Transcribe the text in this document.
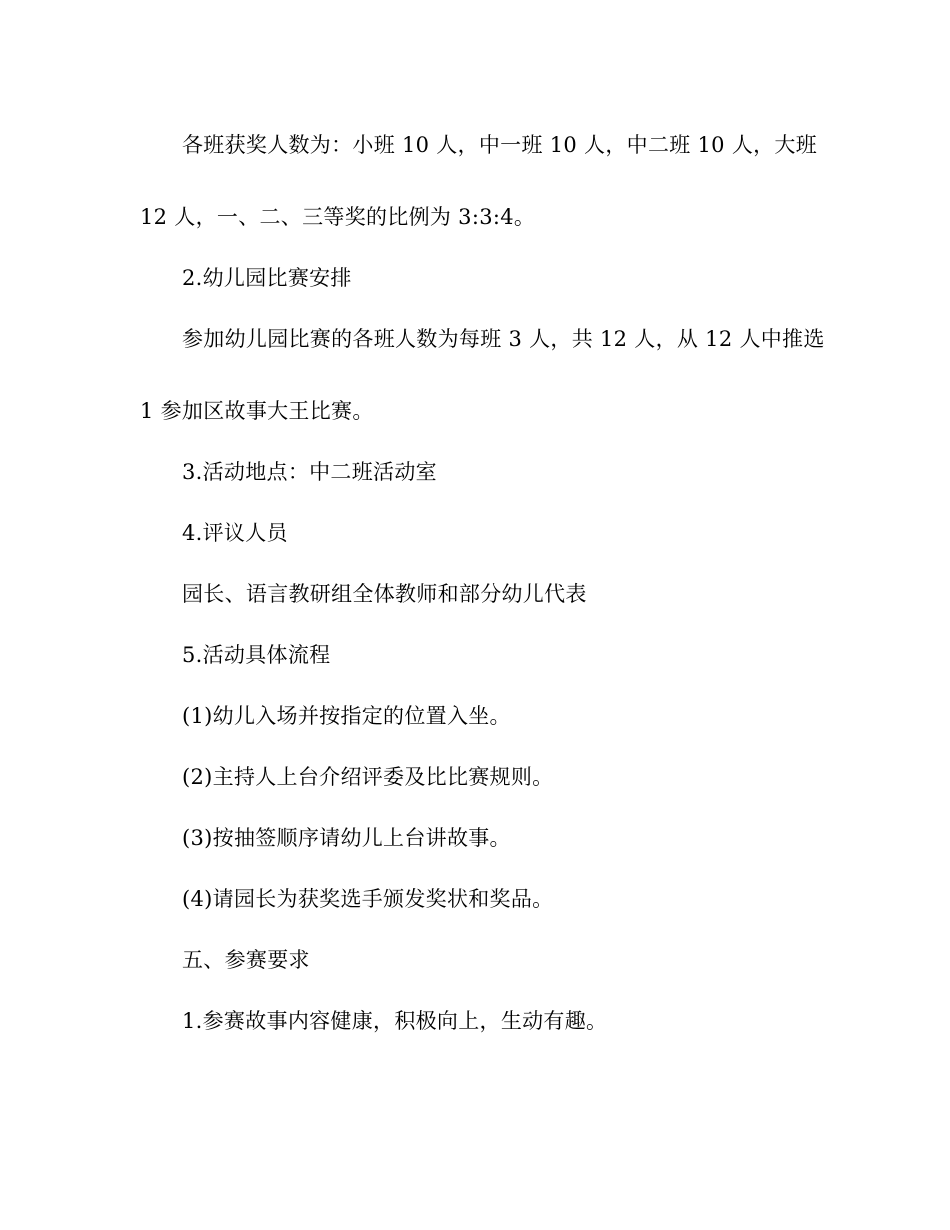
各班获奖人数为：小班 10 人，中一班 10 人，中二班 10 人，大班
12 人，一、二、三等奖的比例为 3:3:4。
2.幼儿园比赛安排
参加幼儿园比赛的各班人数为每班 3 人，共 12 人，从 12 人中推选
1 参加区故事大王比赛。
3.活动地点：中二班活动室
4.评议人员
园长、语言教研组全体教师和部分幼儿代表
5.活动具体流程
(1)幼儿入场并按指定的位置入坐。
(2)主持人上台介绍评委及比比赛规则。
(3)按抽签顺序请幼儿上台讲故事。
(4)请园长为获奖选手颁发奖状和奖品。
五、参赛要求
1.参赛故事内容健康，积极向上，生动有趣。
